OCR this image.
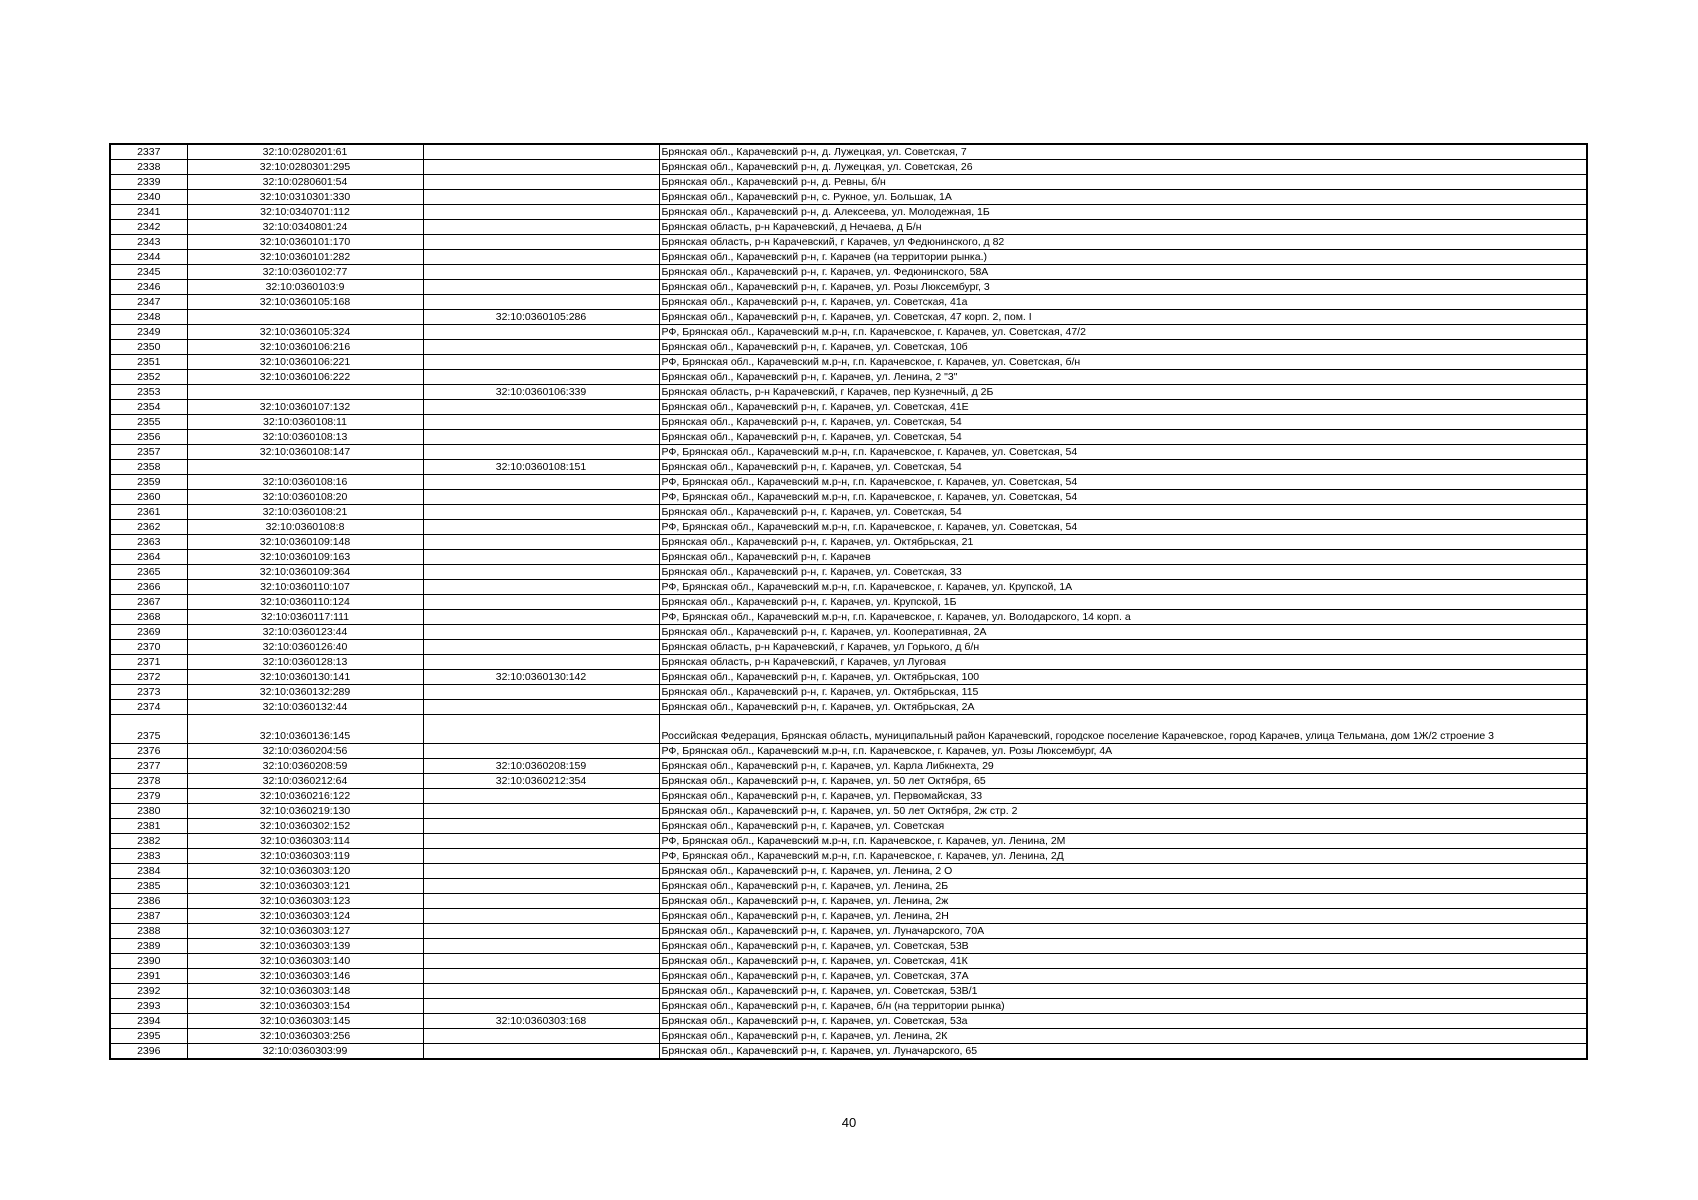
2337	32:10:0280201:61		Брянская обл., Карачевский р-н, д. Лужецкая, ул. Советская, 7
2338	32:10:0280301:295		Брянская обл., Карачевский р-н, д. Лужецкая, ул. Советская, 26
2339	32:10:0280601:54		Брянская обл., Карачевский р-н, д. Ревны, б/н
2340	32:10:0310301:330		Брянская обл., Карачевский р-н, с. Рукное, ул. Большак, 1А
2341	32:10:0340701:112		Брянская обл., Карачевский р-н, д. Алексеева, ул. Молодежная, 1Б
2342	32:10:0340801:24		Брянская область, р-н Карачевский, д Нечаева, д Б/н
2343	32:10:0360101:170		Брянская область, р-н Карачевский, г Карачев, ул Федюнинского, д 82
2344	32:10:0360101:282		Брянская обл., Карачевский р-н, г. Карачев (на территории рынка.)
2345	32:10:0360102:77		Брянская обл., Карачевский р-н, г. Карачев, ул. Федюнинского, 58А
2346	32:10:0360103:9		Брянская обл., Карачевский р-н, г. Карачев, ул. Розы Люксембург, 3
2347	32:10:0360105:168		Брянская обл., Карачевский р-н, г. Карачев, ул. Советская, 41а
2348		32:10:0360105:286	Брянская обл., Карачевский р-н, г. Карачев, ул. Советская, 47 корп. 2, пом. I
2349	32:10:0360105:324		РФ, Брянская обл., Карачевский м.р-н, г.п. Карачевское, г. Карачев, ул. Советская, 47/2
2350	32:10:0360106:216		Брянская обл., Карачевский р-н, г. Карачев, ул. Советская, 10б
2351	32:10:0360106:221		РФ, Брянская обл., Карачевский м.р-н, г.п. Карачевское, г. Карачев, ул. Советская, б/н
2352	32:10:0360106:222		Брянская обл., Карачевский р-н, г. Карачев, ул. Ленина, 2 "3"
2353		32:10:0360106:339	Брянская область, р-н Карачевский, г Карачев, пер Кузнечный, д 2Б
2354	32:10:0360107:132		Брянская обл., Карачевский р-н, г. Карачев, ул. Советская, 41Е
2355	32:10:0360108:11		Брянская обл., Карачевский р-н, г. Карачев, ул. Советская, 54
2356	32:10:0360108:13		Брянская обл., Карачевский р-н, г. Карачев, ул. Советская, 54
2357	32:10:0360108:147		РФ, Брянская обл., Карачевский м.р-н, г.п. Карачевское, г. Карачев, ул. Советская, 54
2358		32:10:0360108:151	Брянская обл., Карачевский р-н, г. Карачев, ул. Советская, 54
2359	32:10:0360108:16		РФ, Брянская обл., Карачевский м.р-н, г.п. Карачевское, г. Карачев, ул. Советская, 54
2360	32:10:0360108:20		РФ, Брянская обл., Карачевский м.р-н, г.п. Карачевское, г. Карачев, ул. Советская, 54
2361	32:10:0360108:21		Брянская обл., Карачевский р-н, г. Карачев, ул. Советская, 54
2362	32:10:0360108:8		РФ, Брянская обл., Карачевский м.р-н, г.п. Карачевское, г. Карачев, ул. Советская, 54
2363	32:10:0360109:148		Брянская обл., Карачевский р-н, г. Карачев, ул. Октябрьская, 21
2364	32:10:0360109:163		Брянская обл., Карачевский р-н, г. Карачев
2365	32:10:0360109:364		Брянская обл., Карачевский р-н, г. Карачев, ул. Советская, 33
2366	32:10:0360110:107		РФ, Брянская обл., Карачевский м.р-н, г.п. Карачевское, г. Карачев, ул. Крупской, 1А
2367	32:10:0360110:124		Брянская обл., Карачевский р-н, г. Карачев, ул. Крупской, 1Б
2368	32:10:0360117:111		РФ, Брянская обл., Карачевский м.р-н, г.п. Карачевское, г. Карачев, ул. Володарского, 14 корп. а
2369	32:10:0360123:44		Брянская обл., Карачевский р-н, г. Карачев, ул. Кооперативная, 2А
2370	32:10:0360126:40		Брянская область, р-н Карачевский, г Карачев, ул Горького, д б/н
2371	32:10:0360128:13		Брянская область, р-н Карачевский, г Карачев, ул Луговая
2372	32:10:0360130:141	32:10:0360130:142	Брянская обл., Карачевский р-н, г. Карачев, ул. Октябрьская, 100
2373	32:10:0360132:289		Брянская обл., Карачевский р-н, г. Карачев, ул. Октябрьская, 115
2374	32:10:0360132:44		Брянская обл., Карачевский р-н, г. Карачев, ул. Октябрьская, 2А
2375	32:10:0360136:145		Российская Федерация, Брянская область, муниципальный район Карачевский, городское поселение Карачевское, город Карачев, улица Тельмана, дом 1Ж/2 строение 3
2376	32:10:0360204:56		РФ, Брянская обл., Карачевский м.р-н, г.п. Карачевское, г. Карачев, ул. Розы Люксембург, 4А
2377	32:10:0360208:59	32:10:0360208:159	Брянская обл., Карачевский р-н, г. Карачев, ул. Карла Либкнехта, 29
2378	32:10:0360212:64	32:10:0360212:354	Брянская обл., Карачевский р-н, г. Карачев, ул. 50 лет Октября, 65
2379	32:10:0360216:122		Брянская обл., Карачевский р-н, г. Карачев, ул. Первомайская, 33
2380	32:10:0360219:130		Брянская обл., Карачевский р-н, г. Карачев, ул. 50 лет Октября, 2ж стр. 2
2381	32:10:0360302:152		Брянская обл., Карачевский р-н, г. Карачев, ул. Советская
2382	32:10:0360303:114		РФ, Брянская обл., Карачевский м.р-н, г.п. Карачевское, г. Карачев, ул. Ленина, 2М
2383	32:10:0360303:119		РФ, Брянская обл., Карачевский м.р-н, г.п. Карачевское, г. Карачев, ул. Ленина, 2Д
2384	32:10:0360303:120		Брянская обл., Карачевский р-н, г. Карачев, ул. Ленина, 2 О
2385	32:10:0360303:121		Брянская обл., Карачевский р-н, г. Карачев, ул. Ленина, 2Б
2386	32:10:0360303:123		Брянская обл., Карачевский р-н, г. Карачев, ул. Ленина, 2ж
2387	32:10:0360303:124		Брянская обл., Карачевский р-н, г. Карачев, ул. Ленина, 2Н
2388	32:10:0360303:127		Брянская обл., Карачевский р-н, г. Карачев, ул. Луначарского, 70А
2389	32:10:0360303:139		Брянская обл., Карачевский р-н, г. Карачев, ул. Советская, 53В
2390	32:10:0360303:140		Брянская обл., Карачевский р-н, г. Карачев, ул. Советская, 41К
2391	32:10:0360303:146		Брянская обл., Карачевский р-н, г. Карачев, ул. Советская, 37А
2392	32:10:0360303:148		Брянская обл., Карачевский р-н, г. Карачев, ул. Советская, 53В/1
2393	32:10:0360303:154		Брянская обл., Карачевский р-н, г. Карачев, б/н (на территории рынка)
2394	32:10:0360303:145	32:10:0360303:168	Брянская обл., Карачевский р-н, г. Карачев, ул. Советская, 53а
2395	32:10:0360303:256		Брянская обл., Карачевский р-н, г. Карачев, ул. Ленина, 2К
2396	32:10:0360303:99		Брянская обл., Карачевский р-н, г. Карачев, ул. Луначарского, 65
40
